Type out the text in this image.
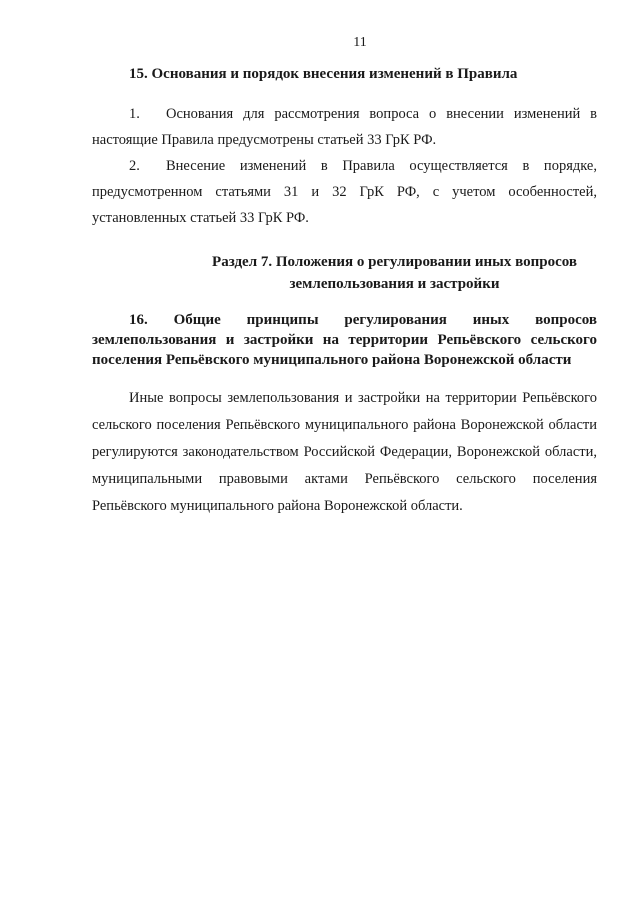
11

15. Основания и порядок внесения изменений в Правила

1. Основания для рассмотрения вопроса о внесении изменений в настоящие Правила предусмотрены статьей 33 ГрК РФ.

2. Внесение изменений в Правила осуществляется в порядке, предусмотренном статьями 31 и 32 ГрК РФ, с учетом особенностей, установленных статьей 33 ГрК РФ.

Раздел 7. Положения о регулировании иных вопросов
землепользования и застройки

16. Общие принципы регулирования иных вопросов землепользования и застройки на территории Репьёвского сельского поселения Репьёвского муниципального района Воронежской области

Иные вопросы землепользования и застройки на территории Репьёвского сельского поселения Репьёвского муниципального района Воронежской области регулируются законодательством Российской Федерации, Воронежской области, муниципальными правовыми актами Репьёвского сельского поселения Репьёвского муниципального района Воронежской области.
